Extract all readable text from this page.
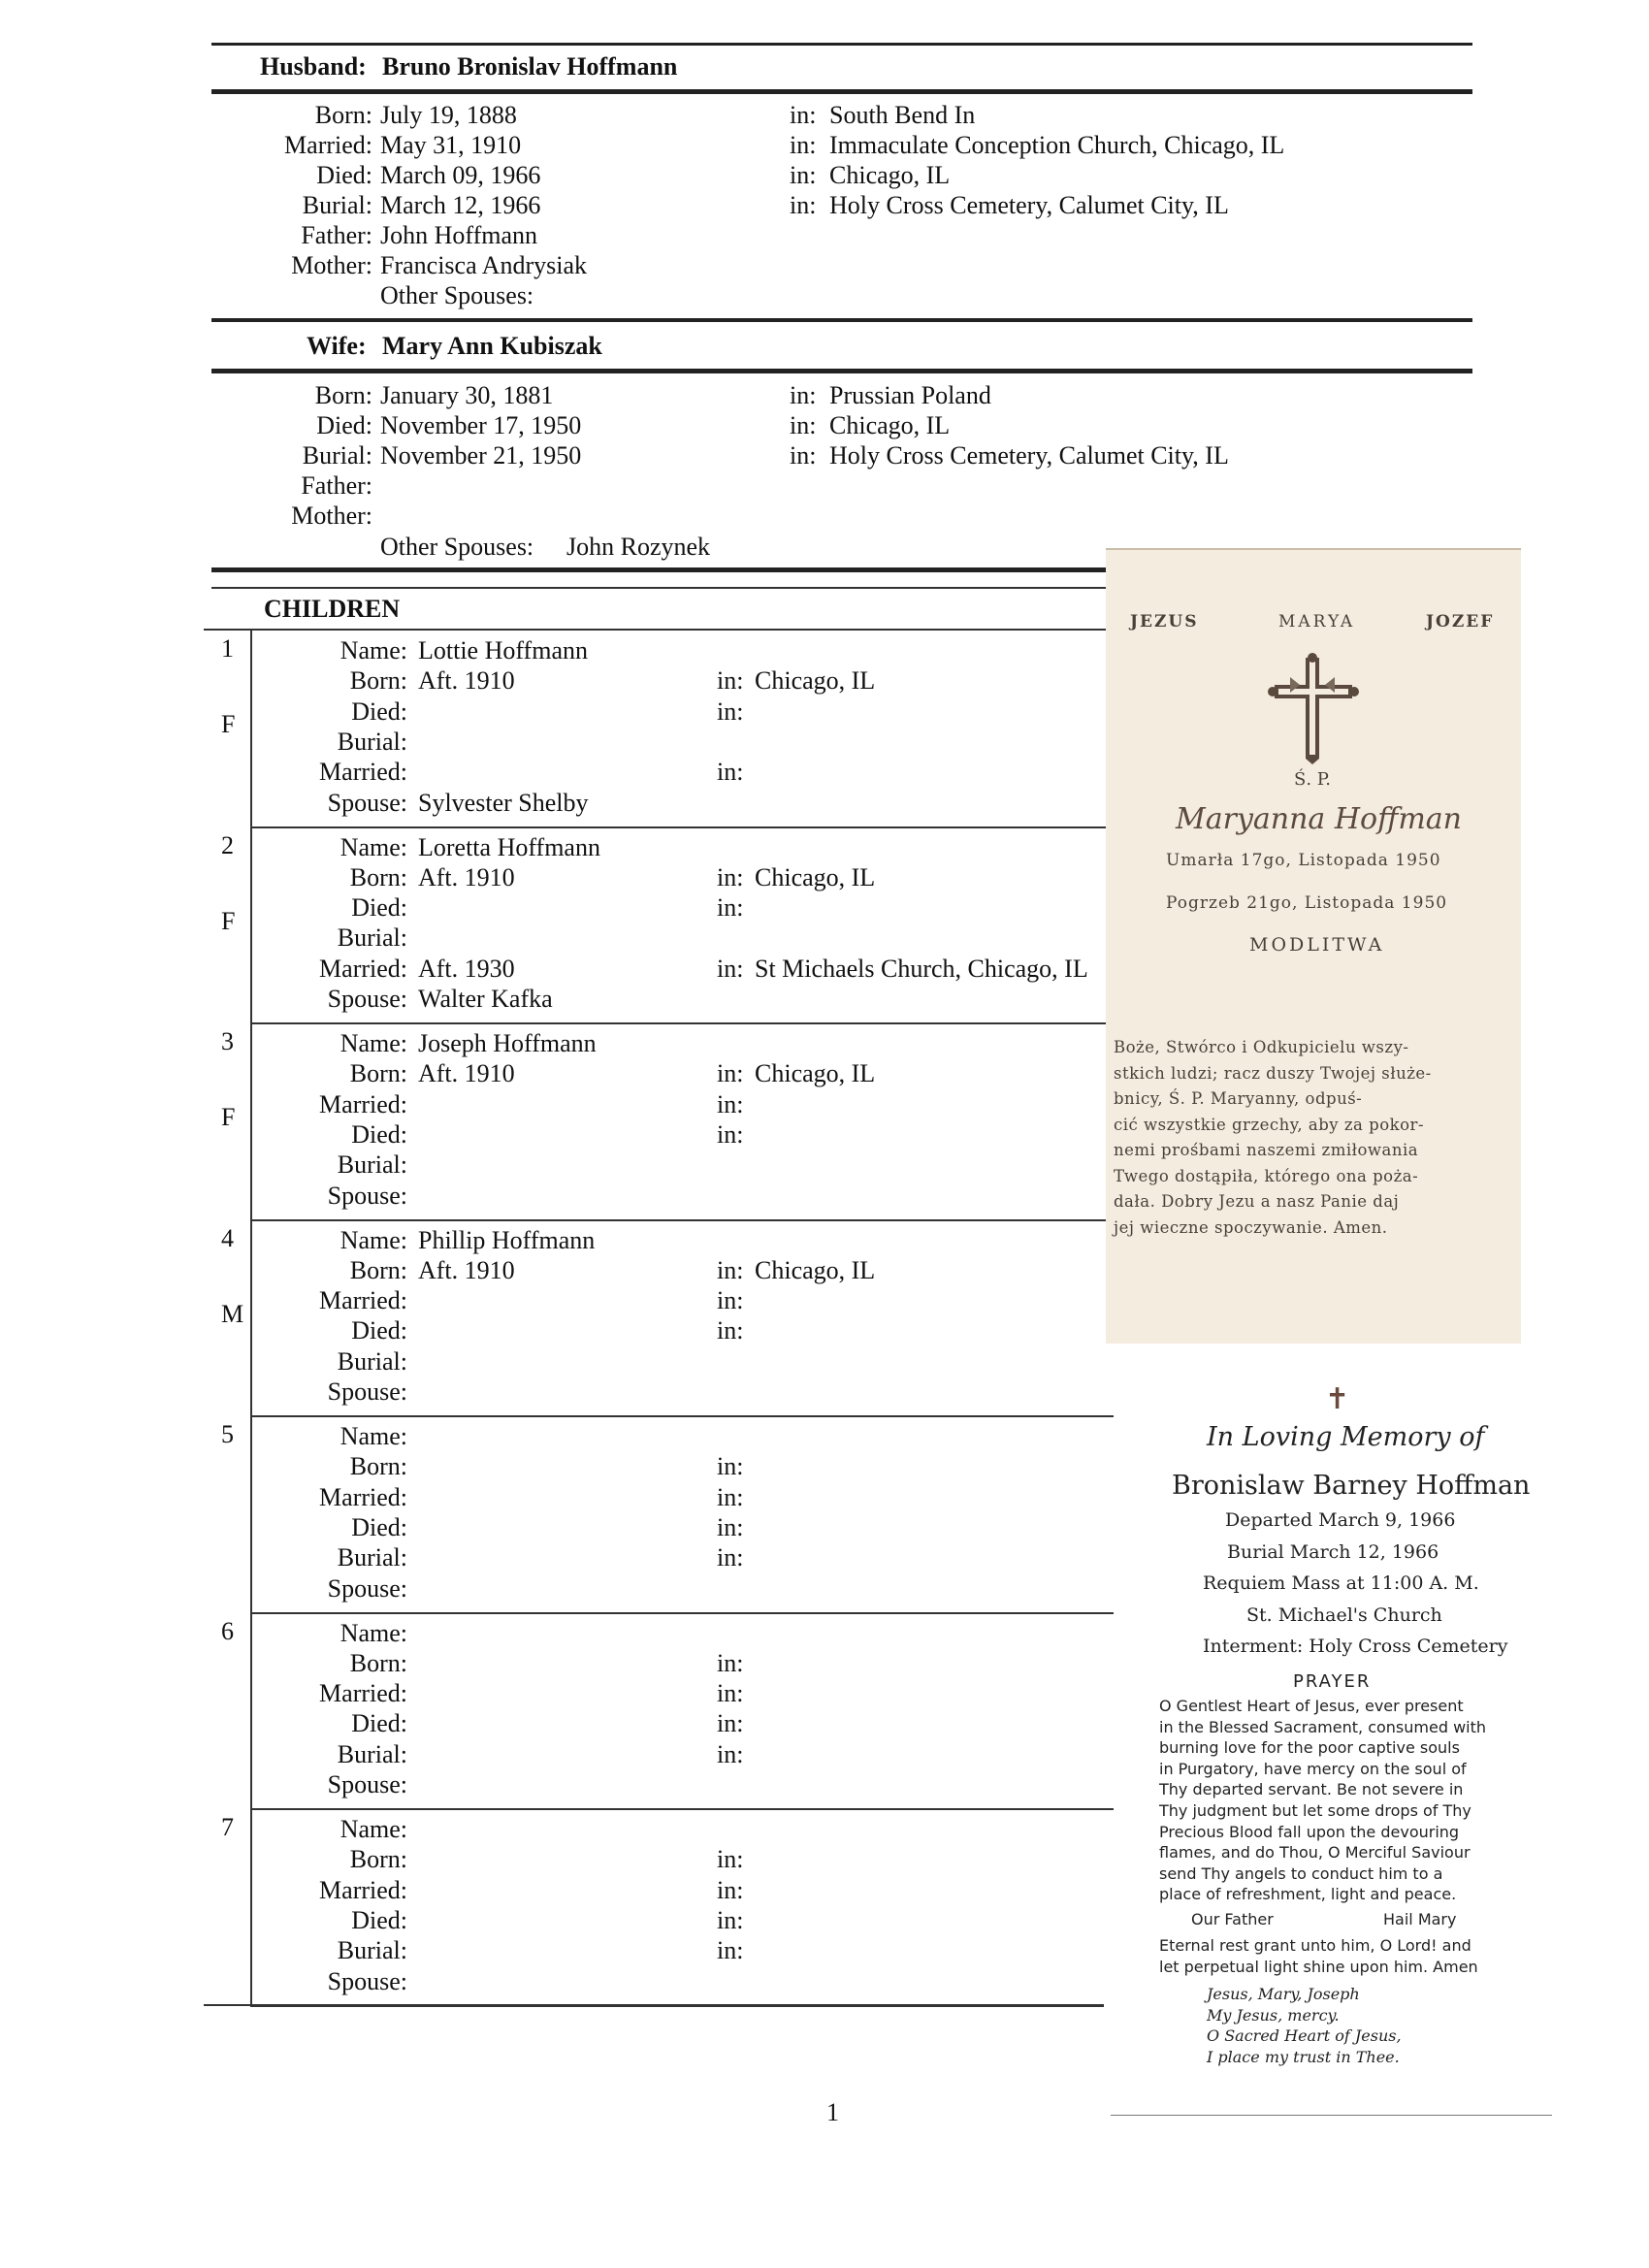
Husband: Bruno Bronislav Hoffmann
Born: July 19, 1888	in: South Bend In
Married: May 31, 1910	in: Immaculate Conception Church, Chicago, IL
Died: March 09, 1966	in: Chicago, IL
Burial: March 12, 1966	in: Holy Cross Cemetery, Calumet City, IL
Father: John Hoffmann
Mother: Francisca Andrysiak
Other Spouses:
Wife: Mary Ann Kubiszak
Born: January 30, 1881	in: Prussian Poland
Died: November 17, 1950	in: Chicago, IL
Burial: November 21, 1950	in: Holy Cross Cemetery, Calumet City, IL
Father:
Mother:
Other Spouses: John Rozynek
CHILDREN
1
F
Name: Lottie Hoffmann
Born: Aft. 1910	in: Chicago, IL
Died:	in:
Burial:
Married:	in:
Spouse: Sylvester Shelby
2
F
Name: Loretta Hoffmann
Born: Aft. 1910	in: Chicago, IL
Died:	in:
Burial:
Married: Aft. 1930	in: St Michaels Church, Chicago, IL
Spouse: Walter Kafka
3
F
Name: Joseph Hoffmann
Born: Aft. 1910	in: Chicago, IL
Married:	in:
Died:	in:
Burial:
Spouse:
4
M
Name: Phillip Hoffmann
Born: Aft. 1910	in: Chicago, IL
Married:	in:
Died:	in:
Burial:
Spouse:
5	Name:
Born:	in:
Married:	in:
Died:	in:
Burial:	in:
Spouse:
6	Name:
Born:	in:
Married:	in:
Died:	in:
Burial:	in:
Spouse:
7	Name:
Born:	in:
Married:	in:
Died:	in:
Burial:	in:
Spouse:
1
JEZUS	MARYA	JOZEF
Ś. P.
Maryanna Hoffman
Umarła 17go, Listopada 1950
Pogrzeb 21go, Listopada 1950
MODLITWA
Boże, Stwórco i Odkupicielu wszy-
stkich ludzi; racz duszy Twojej służe-
bnicy, Ś. P. Maryanny, odpuś-
cić wszystkie grzechy, aby za pokor-
nemi prośbami naszemi zmiłowania
Twego dostąpiła, którego ona poża-
dała. Dobry Jezu a nasz Panie daj
jej wieczne spoczywanie. Amen.
✝
In Loving Memory of
Bronislaw Barney Hoffman
Departed March 9, 1966
Burial March 12, 1966
Requiem Mass at 11:00 A. M.
St. Michael's Church
Interment: Holy Cross Cemetery
PRAYER
O Gentlest Heart of Jesus, ever present
in the Blessed Sacrament, consumed with
burning love for the poor captive souls
in Purgatory, have mercy on the soul of
Thy departed servant. Be not severe in
Thy judgment but let some drops of Thy
Precious Blood fall upon the devouring
flames, and do Thou, O Merciful Saviour
send Thy angels to conduct him to a
place of refreshment, light and peace.
Our Father	Hail Mary
Eternal rest grant unto him, O Lord! and
let perpetual light shine upon him. Amen
Jesus, Mary, Joseph
My Jesus, mercy.
O Sacred Heart of Jesus,
I place my trust in Thee.
